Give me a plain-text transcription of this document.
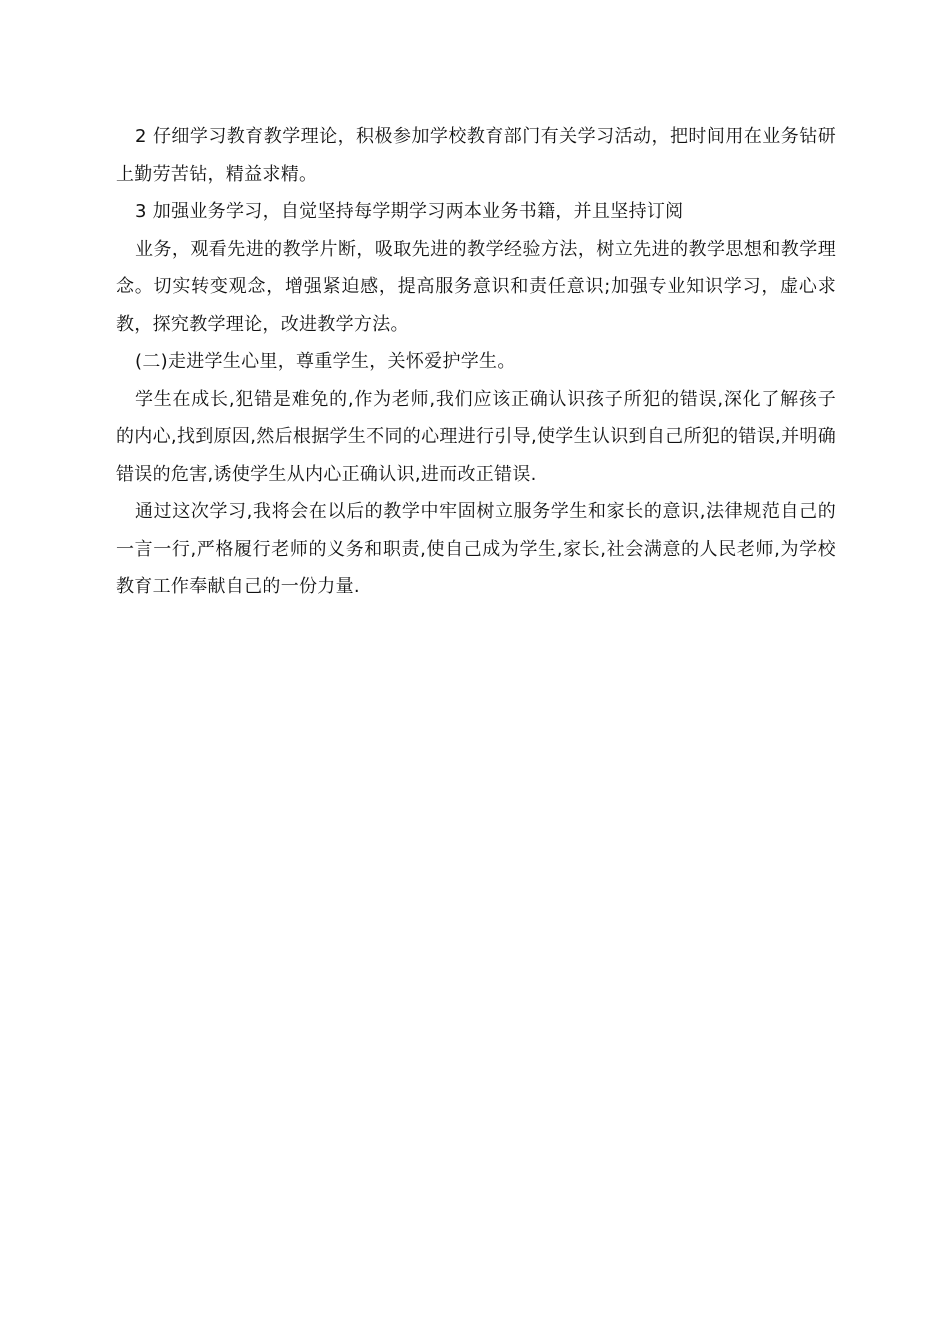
2 仔细学习教育教学理论，积极参加学校教育部门有关学习活动，把时间用在业务钻研上勤劳苦钻，精益求精。

3 加强业务学习，自觉坚持每学期学习两本业务书籍，并且坚持订阅

业务，观看先进的教学片断，吸取先进的教学经验方法，树立先进的教学思想和教学理念。切实转变观念，增强紧迫感，提高服务意识和责任意识;加强专业知识学习，虚心求教，探究教学理论，改进教学方法。

(二)走进学生心里，尊重学生，关怀爱护学生。

学生在成长,犯错是难免的,作为老师,我们应该正确认识孩子所犯的错误,深化了解孩子的内心,找到原因,然后根据学生不同的心理进行引导,使学生认识到自己所犯的错误,并明确错误的危害,诱使学生从内心正确认识,进而改正错误.

通过这次学习,我将会在以后的教学中牢固树立服务学生和家长的意识,法律规范自己的一言一行,严格履行老师的义务和职责,使自己成为学生,家长,社会满意的人民老师,为学校教育工作奉献自己的一份力量.
